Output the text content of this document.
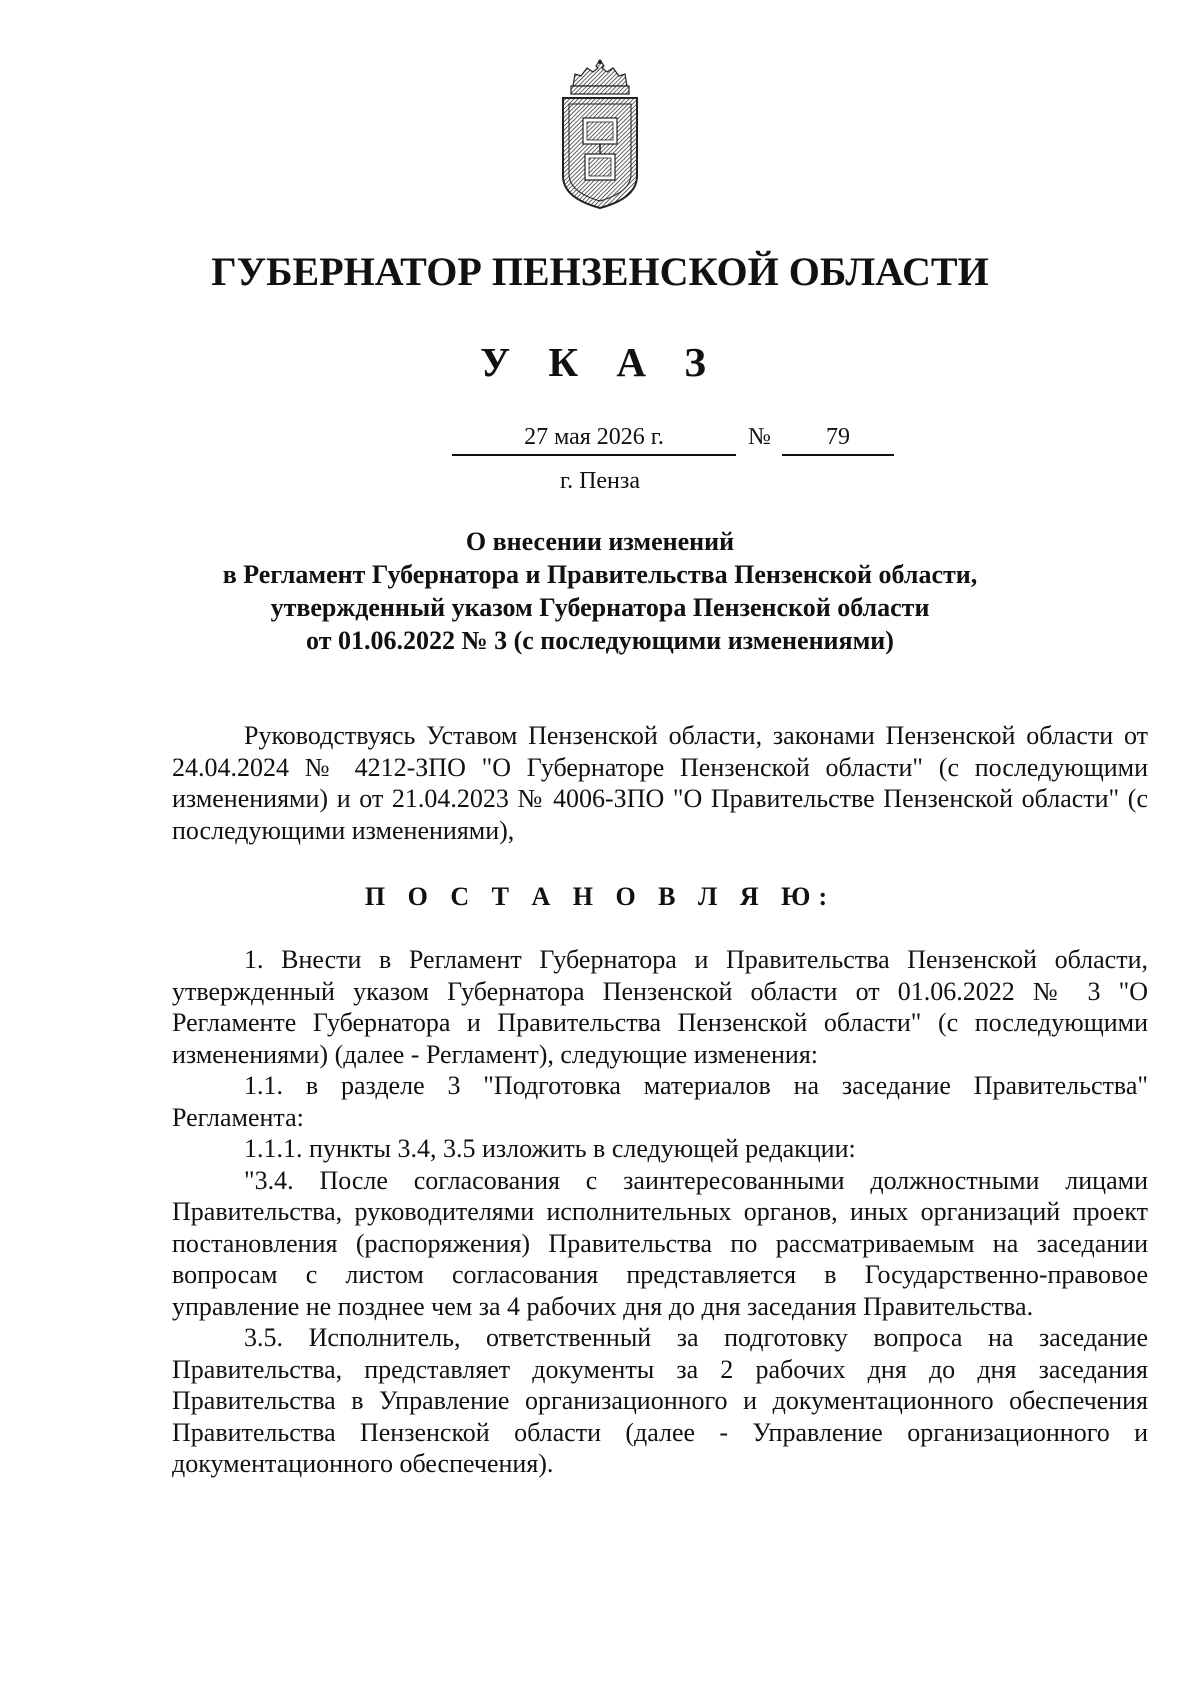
ГУБЕРНАТОР ПЕНЗЕНСКОЙ ОБЛАСТИ
У К А З
27 мая 2026 г.	№	79
г. Пенза
О внесении изменений
в Регламент Губернатора и Правительства Пензенской области,
утвержденный указом Губернатора Пензенской области
от 01.06.2022 № 3 (с последующими изменениями)

Руководствуясь Уставом Пензенской области, законами Пензенской области от 24.04.2024 № 4212-ЗПО "О Губернаторе Пензенской области" (с последующими изменениями) и от 21.04.2023 № 4006-ЗПО "О Правительстве Пензенской области" (с последующими изменениями),

П О С Т А Н О В Л Я Ю:

1. Внести в Регламент Губернатора и Правительства Пензенской области, утвержденный указом Губернатора Пензенской области от 01.06.2022 № 3 "О Регламенте Губернатора и Правительства Пензенской области" (с последующими изменениями) (далее - Регламент), следующие изменения:

1.1. в разделе 3 "Подготовка материалов на заседание Правительства" Регламента:

1.1.1. пункты 3.4, 3.5 изложить в следующей редакции:

"3.4. После согласования с заинтересованными должностными лицами Правительства, руководителями исполнительных органов, иных организаций проект постановления (распоряжения) Правительства по рассматриваемым на заседании вопросам с листом согласования представляется в Государственно-правовое управление не позднее чем за 4 рабочих дня до дня заседания Правительства.

3.5. Исполнитель, ответственный за подготовку вопроса на заседание Правительства, представляет документы за 2 рабочих дня до дня заседания Правительства в Управление организационного и документационного обеспечения Правительства Пензенской области (далее - Управление организационного и документационного обеспечения).
